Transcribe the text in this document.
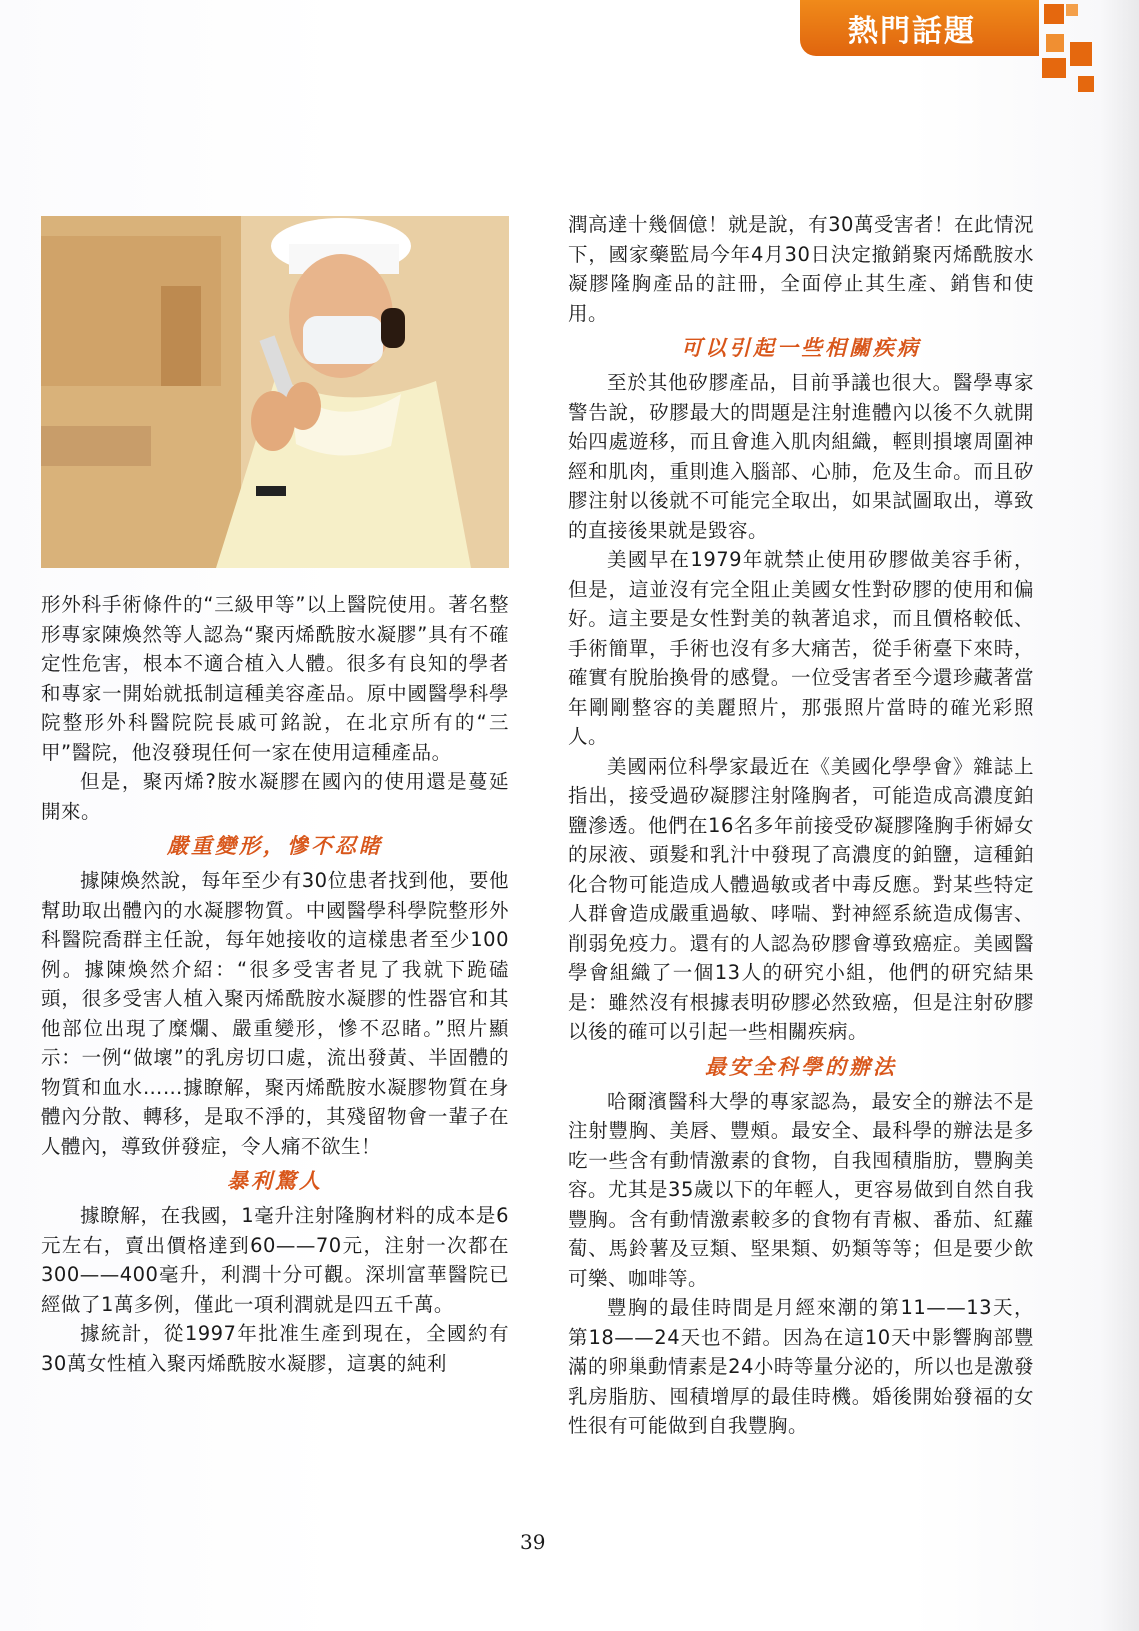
熱門話題

形外科手術條件的“三級甲等”以上醫院使用。著名整形專家陳煥然等人認為“聚丙烯酰胺水凝膠”具有不確定性危害，根本不適合植入人體。很多有良知的學者和專家一開始就抵制這種美容產品。原中國醫學科學院整形外科醫院院長戚可銘說，在北京所有的“三甲”醫院，他沒發現任何一家在使用這種產品。

但是，聚丙烯?胺水凝膠在國內的使用還是蔓延開來。

嚴重變形，慘不忍睹

據陳煥然說，每年至少有30位患者找到他，要他幫助取出體內的水凝膠物質。中國醫學科學院整形外科醫院喬群主任說，每年她接收的這樣患者至少100例。據陳煥然介紹：“很多受害者見了我就下跪磕頭，很多受害人植入聚丙烯酰胺水凝膠的性器官和其他部位出現了糜爛、嚴重變形，慘不忍睹。”照片顯示：一例“做壞”的乳房切口處，流出發黃、半固體的物質和血水……據瞭解，聚丙烯酰胺水凝膠物質在身體內分散、轉移，是取不淨的，其殘留物會一輩子在人體內，導致併發症，令人痛不欲生！

暴利驚人

據瞭解，在我國，1毫升注射隆胸材料的成本是6元左右，賣出價格達到60——70元，注射一次都在300——400毫升，利潤十分可觀。深圳富華醫院已經做了1萬多例，僅此一項利潤就是四五千萬。

據統計，從1997年批准生產到現在，全國約有30萬女性植入聚丙烯酰胺水凝膠，這裏的純利

潤高達十幾個億！就是說，有30萬受害者！在此情況下，國家藥監局今年4月30日決定撤銷聚丙烯酰胺水凝膠隆胸產品的註冊，全面停止其生產、銷售和使用。

可以引起一些相關疾病

至於其他矽膠產品，目前爭議也很大。醫學專家警告說，矽膠最大的問題是注射進體內以後不久就開始四處遊移，而且會進入肌肉組織，輕則損壞周圍神經和肌肉，重則進入腦部、心肺，危及生命。而且矽膠注射以後就不可能完全取出，如果試圖取出，導致的直接後果就是毀容。

美國早在1979年就禁止使用矽膠做美容手術，但是，這並沒有完全阻止美國女性對矽膠的使用和偏好。這主要是女性對美的執著追求，而且價格較低、手術簡單，手術也沒有多大痛苦，從手術臺下來時，確實有脫胎換骨的感覺。一位受害者至今還珍藏著當年剛剛整容的美麗照片，那張照片當時的確光彩照人。

美國兩位科學家最近在《美國化學學會》雜誌上指出，接受過矽凝膠注射隆胸者，可能造成高濃度鉑鹽滲透。他們在16名多年前接受矽凝膠隆胸手術婦女的尿液、頭髮和乳汁中發現了高濃度的鉑鹽，這種鉑化合物可能造成人體過敏或者中毒反應。對某些特定人群會造成嚴重過敏、哮喘、對神經系統造成傷害、削弱免疫力。還有的人認為矽膠會導致癌症。美國醫學會組織了一個13人的研究小組，他們的研究結果是：雖然沒有根據表明矽膠必然致癌，但是注射矽膠以後的確可以引起一些相關疾病。

最安全科學的辦法

哈爾濱醫科大學的專家認為，最安全的辦法不是注射豐胸、美唇、豐頰。最安全、最科學的辦法是多吃一些含有動情激素的食物，自我囤積脂肪，豐胸美容。尤其是35歲以下的年輕人，更容易做到自然自我豐胸。含有動情激素較多的食物有青椒、番茄、紅蘿蔔、馬鈴薯及豆類、堅果類、奶類等等；但是要少飲可樂、咖啡等。

豐胸的最佳時間是月經來潮的第11——13天，第18——24天也不錯。因為在這10天中影響胸部豐滿的卵巢動情素是24小時等量分泌的，所以也是激發乳房脂肪、囤積增厚的最佳時機。婚後開始發福的女性很有可能做到自我豐胸。

39
